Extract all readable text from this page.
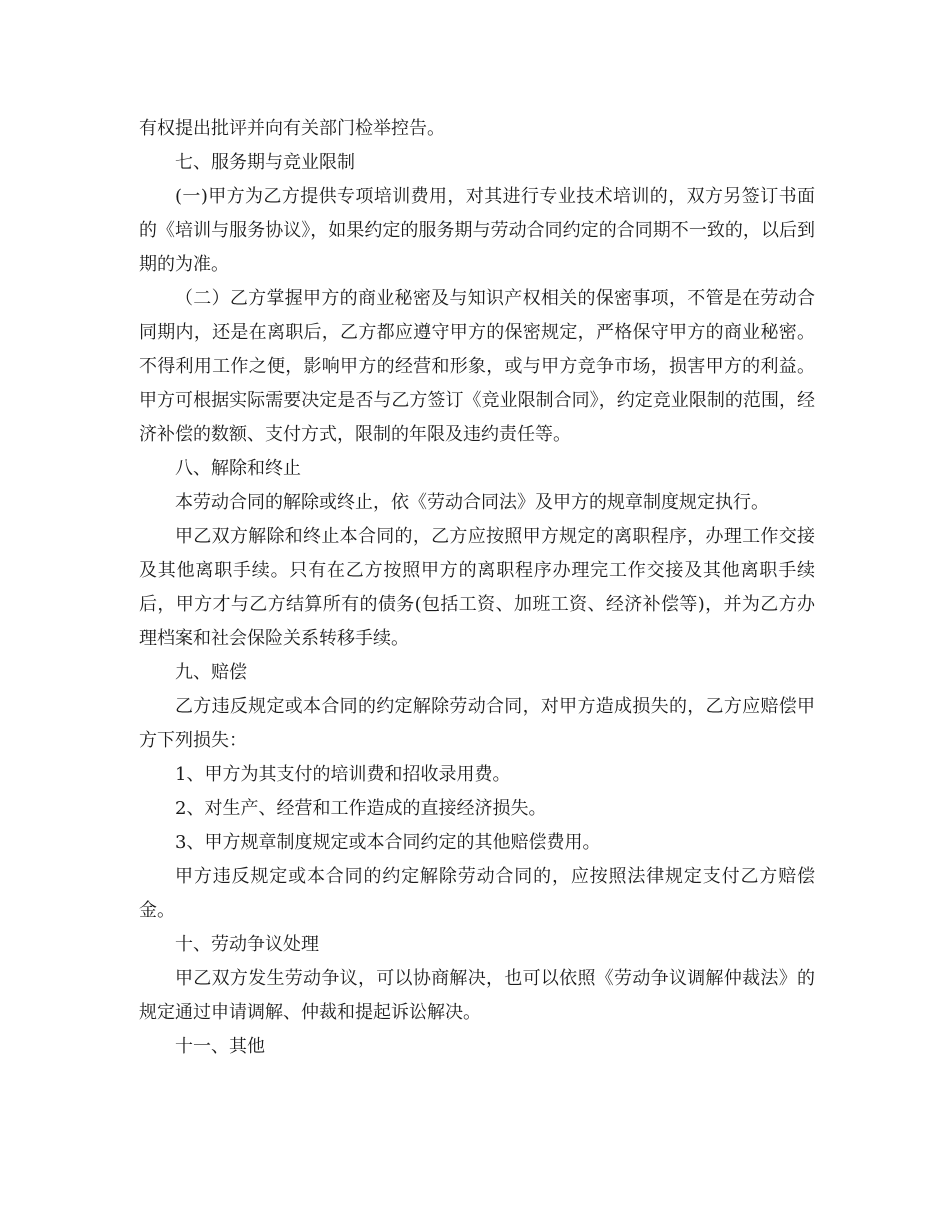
有权提出批评并向有关部门检举控告。

七、服务期与竞业限制

(一)甲方为乙方提供专项培训费用，对其进行专业技术培训的，双方另签订书面的《培训与服务协议》，如果约定的服务期与劳动合同约定的合同期不一致的，以后到期的为准。

（二）乙方掌握甲方的商业秘密及与知识产权相关的保密事项，不管是在劳动合同期内，还是在离职后，乙方都应遵守甲方的保密规定，严格保守甲方的商业秘密。不得利用工作之便，影响甲方的经营和形象，或与甲方竞争市场，损害甲方的利益。甲方可根据实际需要决定是否与乙方签订《竞业限制合同》，约定竞业限制的范围，经济补偿的数额、支付方式，限制的年限及违约责任等。

八、解除和终止

本劳动合同的解除或终止，依《劳动合同法》及甲方的规章制度规定执行。

甲乙双方解除和终止本合同的，乙方应按照甲方规定的离职程序，办理工作交接及其他离职手续。只有在乙方按照甲方的离职程序办理完工作交接及其他离职手续后，甲方才与乙方结算所有的债务(包括工资、加班工资、经济补偿等)，并为乙方办理档案和社会保险关系转移手续。

九、赔偿

乙方违反规定或本合同的约定解除劳动合同，对甲方造成损失的，乙方应赔偿甲方下列损失：

1、甲方为其支付的培训费和招收录用费。

2、对生产、经营和工作造成的直接经济损失。

3、甲方规章制度规定或本合同约定的其他赔偿费用。

甲方违反规定或本合同的约定解除劳动合同的，应按照法律规定支付乙方赔偿金。

十、劳动争议处理

甲乙双方发生劳动争议，可以协商解决，也可以依照《劳动争议调解仲裁法》的规定通过申请调解、仲裁和提起诉讼解决。

十一、其他
